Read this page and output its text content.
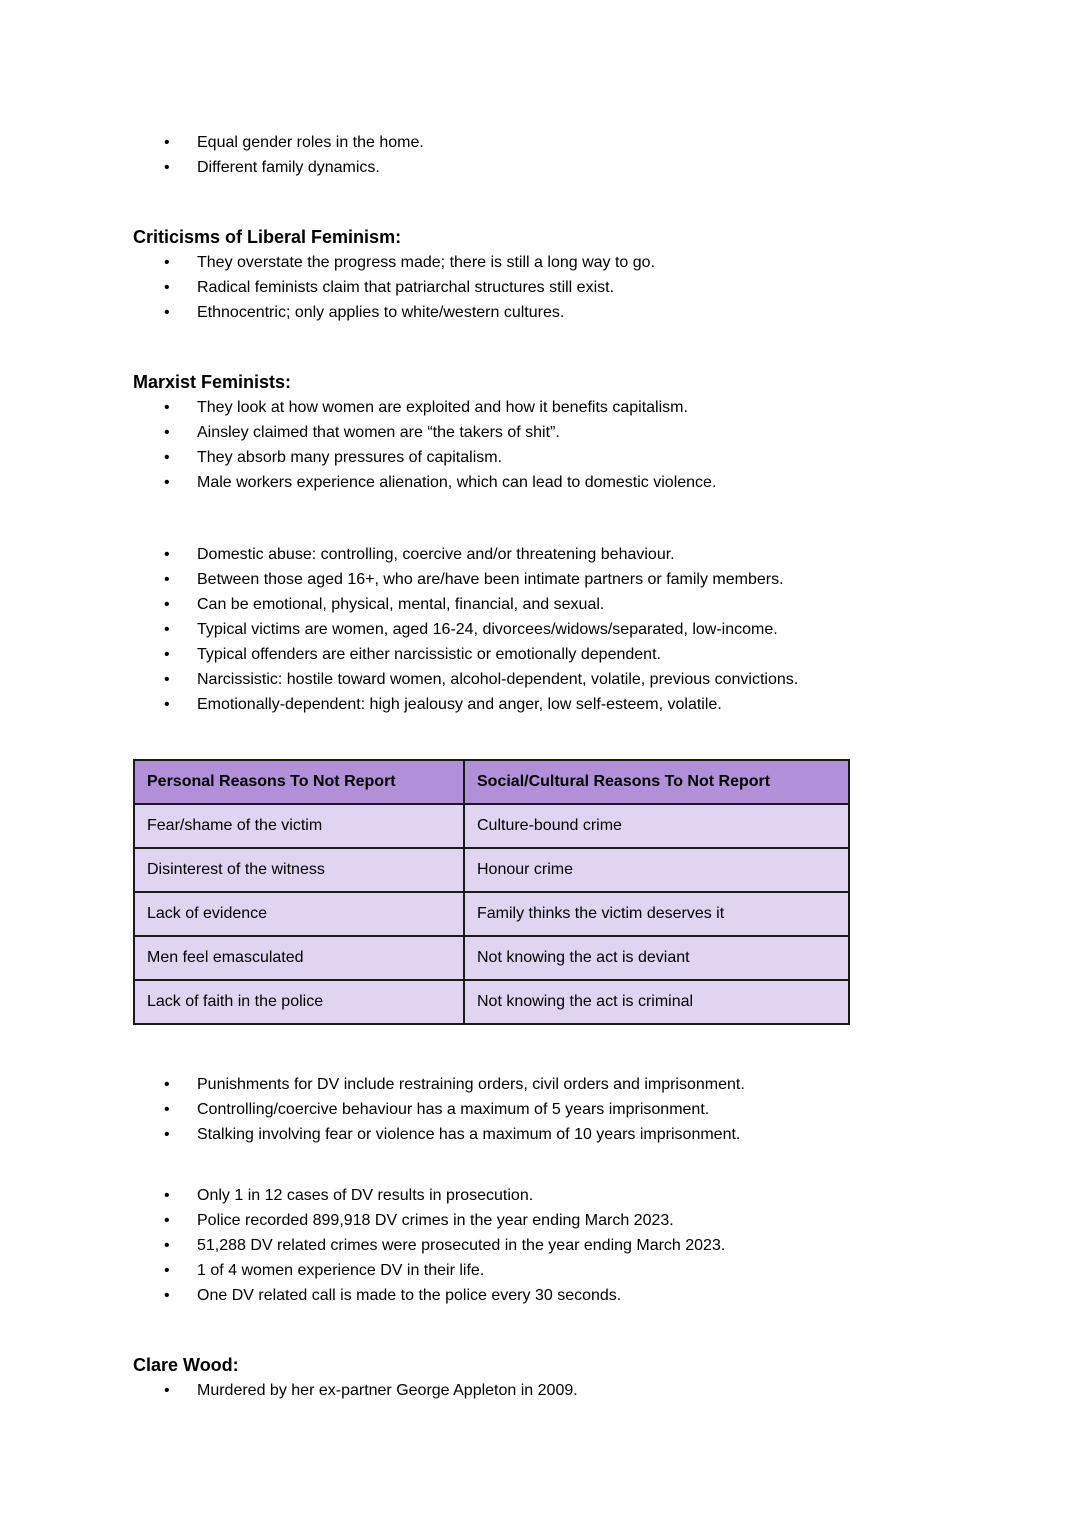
• Equal gender roles in the home.
• Different family dynamics.
Criticisms of Liberal Feminism:
• They overstate the progress made; there is still a long way to go.
• Radical feminists claim that patriarchal structures still exist.
• Ethnocentric; only applies to white/western cultures.
Marxist Feminists:
• They look at how women are exploited and how it benefits capitalism.
• Ainsley claimed that women are “the takers of shit”.
• They absorb many pressures of capitalism.
• Male workers experience alienation, which can lead to domestic violence.
• Domestic abuse: controlling, coercive and/or threatening behaviour.
• Between those aged 16+, who are/have been intimate partners or family members.
• Can be emotional, physical, mental, financial, and sexual.
• Typical victims are women, aged 16-24, divorcees/widows/separated, low-income.
• Typical offenders are either narcissistic or emotionally dependent.
• Narcissistic: hostile toward women, alcohol-dependent, volatile, previous convictions.
• Emotionally-dependent: high jealousy and anger, low self-esteem, volatile.
Personal Reasons To Not Report	Social/Cultural Reasons To Not Report
Fear/shame of the victim	Culture-bound crime
Disinterest of the witness	Honour crime
Lack of evidence	Family thinks the victim deserves it
Men feel emasculated	Not knowing the act is deviant
Lack of faith in the police	Not knowing the act is criminal
• Punishments for DV include restraining orders, civil orders and imprisonment.
• Controlling/coercive behaviour has a maximum of 5 years imprisonment.
• Stalking involving fear or violence has a maximum of 10 years imprisonment.
• Only 1 in 12 cases of DV results in prosecution.
• Police recorded 899,918 DV crimes in the year ending March 2023.
• 51,288 DV related crimes were prosecuted in the year ending March 2023.
• 1 of 4 women experience DV in their life.
• One DV related call is made to the police every 30 seconds.
Clare Wood:
• Murdered by her ex-partner George Appleton in 2009.
